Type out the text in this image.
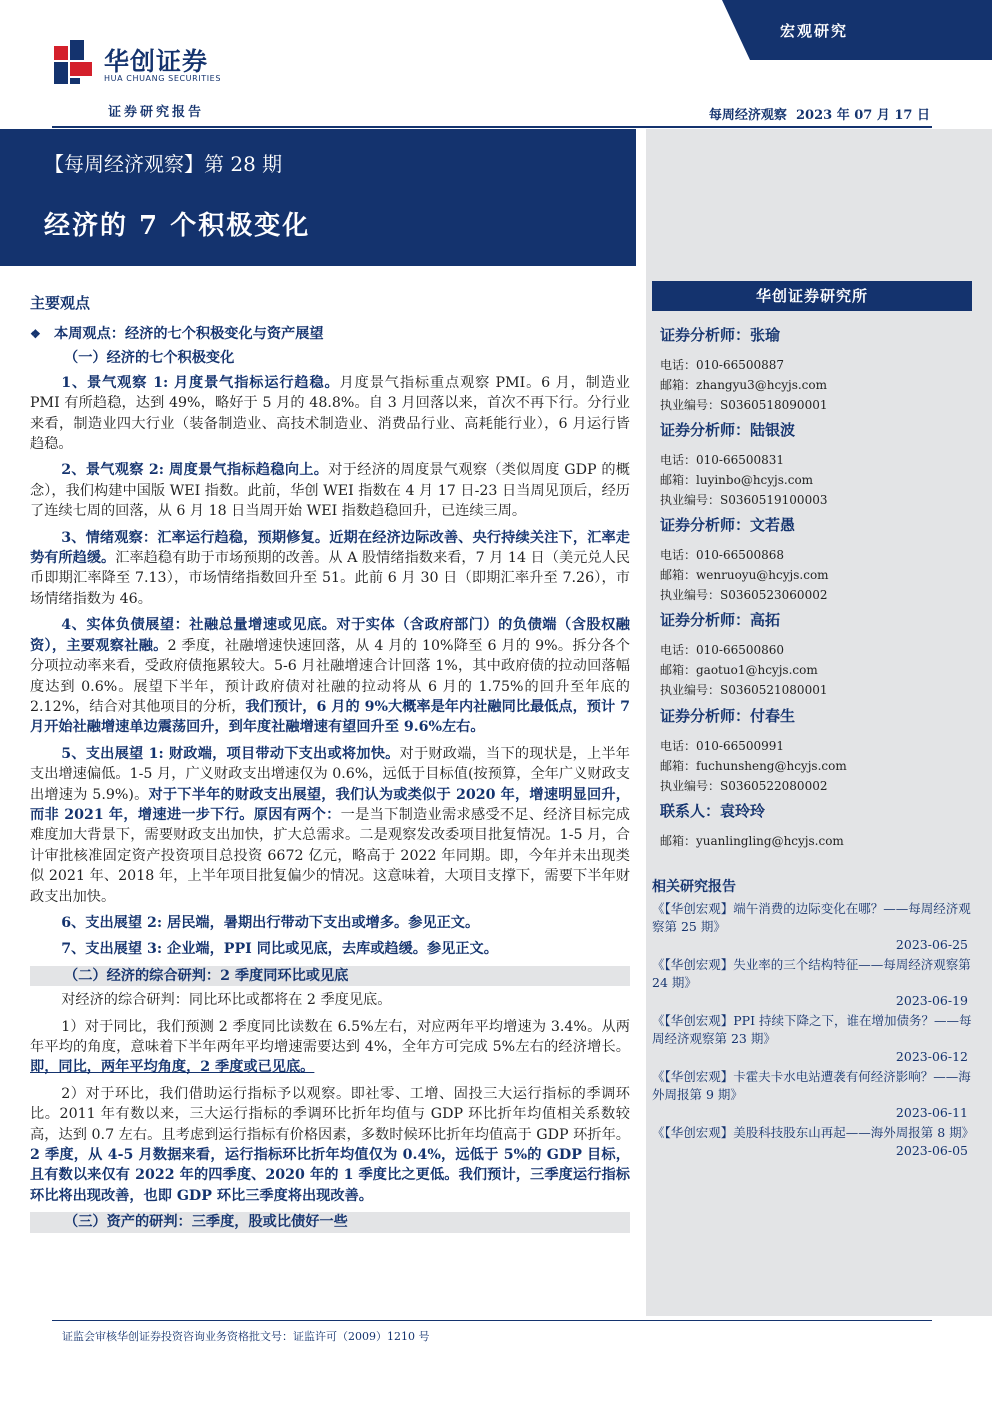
华创证券
HUA CHUANG SECURITIES
证券研究报告
宏观研究
每周经济观察 2023 年 07 月 17 日
【每周经济观察】第 28 期
经济的 7 个积极变化
华创证券研究所
证券分析师：张瑜
电话：010-66500887
邮箱：zhangyu3@hcyjs.com
执业编号：S0360518090001
证券分析师：陆银波
电话：010-66500831
邮箱：luyinbo@hcyjs.com
执业编号：S0360519100003
证券分析师：文若愚
电话：010-66500868
邮箱：wenruoyu@hcyjs.com
执业编号：S0360523060002
证券分析师：高拓
电话：010-66500860
邮箱：gaotuo1@hcyjs.com
执业编号：S0360521080001
证券分析师：付春生
电话：010-66500991
邮箱：fuchunsheng@hcyjs.com
执业编号：S0360522080002
联系人：袁玲玲
邮箱：yuanlingling@hcyjs.com
相关研究报告
《【华创宏观】端午消费的边际变化在哪？——每周经济观察第 25 期》
2023-06-25
《【华创宏观】失业率的三个结构特征——每周经济观察第 24 期》
2023-06-19
《【华创宏观】PPI 持续下降之下，谁在增加债务？——每周经济观察第 23 期》
2023-06-12
《【华创宏观】卡霍夫卡水电站遭袭有何经济影响？——海外周报第 9 期》
2023-06-11
《【华创宏观】美股科技股东山再起——海外周报第 8 期》
2023-06-05
主要观点
❖ 本周观点：经济的七个积极变化与资产展望
（一）经济的七个积极变化

1、景气观察 1: 月度景气指标运行趋稳。月度景气指标重点观察 PMI。6 月，制造业 PMI 有所趋稳，达到 49%，略好于 5 月的 48.8%。自 3 月回落以来，首次不再下行。分行业来看，制造业四大行业（装备制造业、高技术制造业、消费品行业、高耗能行业），6 月运行皆趋稳。

2、景气观察 2: 周度景气指标趋稳向上。对于经济的周度景气观察（类似周度 GDP 的概念），我们构建中国版 WEI 指数。此前，华创 WEI 指数在 4 月 17 日-23 日当周见顶后，经历了连续七周的回落，从 6 月 18 日当周开始 WEI 指数趋稳回升，已连续三周。

3、情绪观察：汇率运行趋稳，预期修复。近期在经济边际改善、央行持续关注下，汇率走势有所趋缓。汇率趋稳有助于市场预期的改善。从 A 股情绪指数来看，7 月 14 日（美元兑人民币即期汇率降至 7.13），市场情绪指数回升至 51。此前 6 月 30 日（即期汇率升至 7.26），市场情绪指数为 46。

4、实体负债展望：社融总量增速或见底。对于实体（含政府部门）的负债端（含股权融资），主要观察社融。2 季度，社融增速快速回落，从 4 月的 10%降至 6 月的 9%。拆分各个分项拉动率来看，受政府债拖累较大。5-6 月社融增速合计回落 1%，其中政府债的拉动回落幅度达到 0.6%。展望下半年，预计政府债对社融的拉动将从 6 月的 1.75%的回升至年底的 2.12%，结合对其他项目的分析，我们预计，6 月的 9%大概率是年内社融同比最低点，预计 7 月开始社融增速单边震荡回升，到年度社融增速有望回升至 9.6%左右。

5、支出展望 1: 财政端，项目带动下支出或将加快。对于财政端，当下的现状是，上半年支出增速偏低。1-5 月，广义财政支出增速仅为 0.6%，远低于目标值(按预算，全年广义财政支出增速为 5.9%)。对于下半年的财政支出展望，我们认为或类似于 2020 年，增速明显回升，而非 2021 年，增速进一步下行。原因有两个：一是当下制造业需求感受不足、经济目标完成难度加大背景下，需要财政支出加快，扩大总需求。二是观察发改委项目批复情况。1-5 月，合计审批核准固定资产投资项目总投资 6672 亿元，略高于 2022 年同期。即，今年并未出现类似 2021 年、2018 年，上半年项目批复偏少的情况。这意味着，大项目支撑下，需要下半年财政支出加快。

6、支出展望 2: 居民端，暑期出行带动下支出或增多。参见正文。

7、支出展望 3: 企业端，PPI 同比或见底，去库或趋缓。参见正文。

（二）经济的综合研判：2 季度同环比或见底

对经济的综合研判：同比环比或都将在 2 季度见底。

1）对于同比，我们预测 2 季度同比读数在 6.5%左右，对应两年平均增速为 3.4%。从两年平均的角度，意味着下半年两年平均增速需要达到 4%，全年方可完成 5%左右的经济增长。即，同比，两年平均角度，2 季度或已见底。

2）对于环比，我们借助运行指标予以观察。即社零、工增、固投三大运行指标的季调环比。2011 年有数以来，三大运行指标的季调环比折年均值与 GDP 环比折年均值相关系数较高，达到 0.7 左右。且考虑到运行指标有价格因素，多数时候环比折年均值高于 GDP 环折年。2 季度，从 4-5 月数据来看，运行指标环比折年均值仅为 0.4%，远低于 5%的 GDP 目标，且有数以来仅有 2022 年的四季度、2020 年的 1 季度比之更低。我们预计，三季度运行指标环比将出现改善，也即 GDP 环比三季度将出现改善。

（三）资产的研判：三季度，股或比债好一些
证监会审核华创证券投资咨询业务资格批文号：证监许可（2009）1210 号
